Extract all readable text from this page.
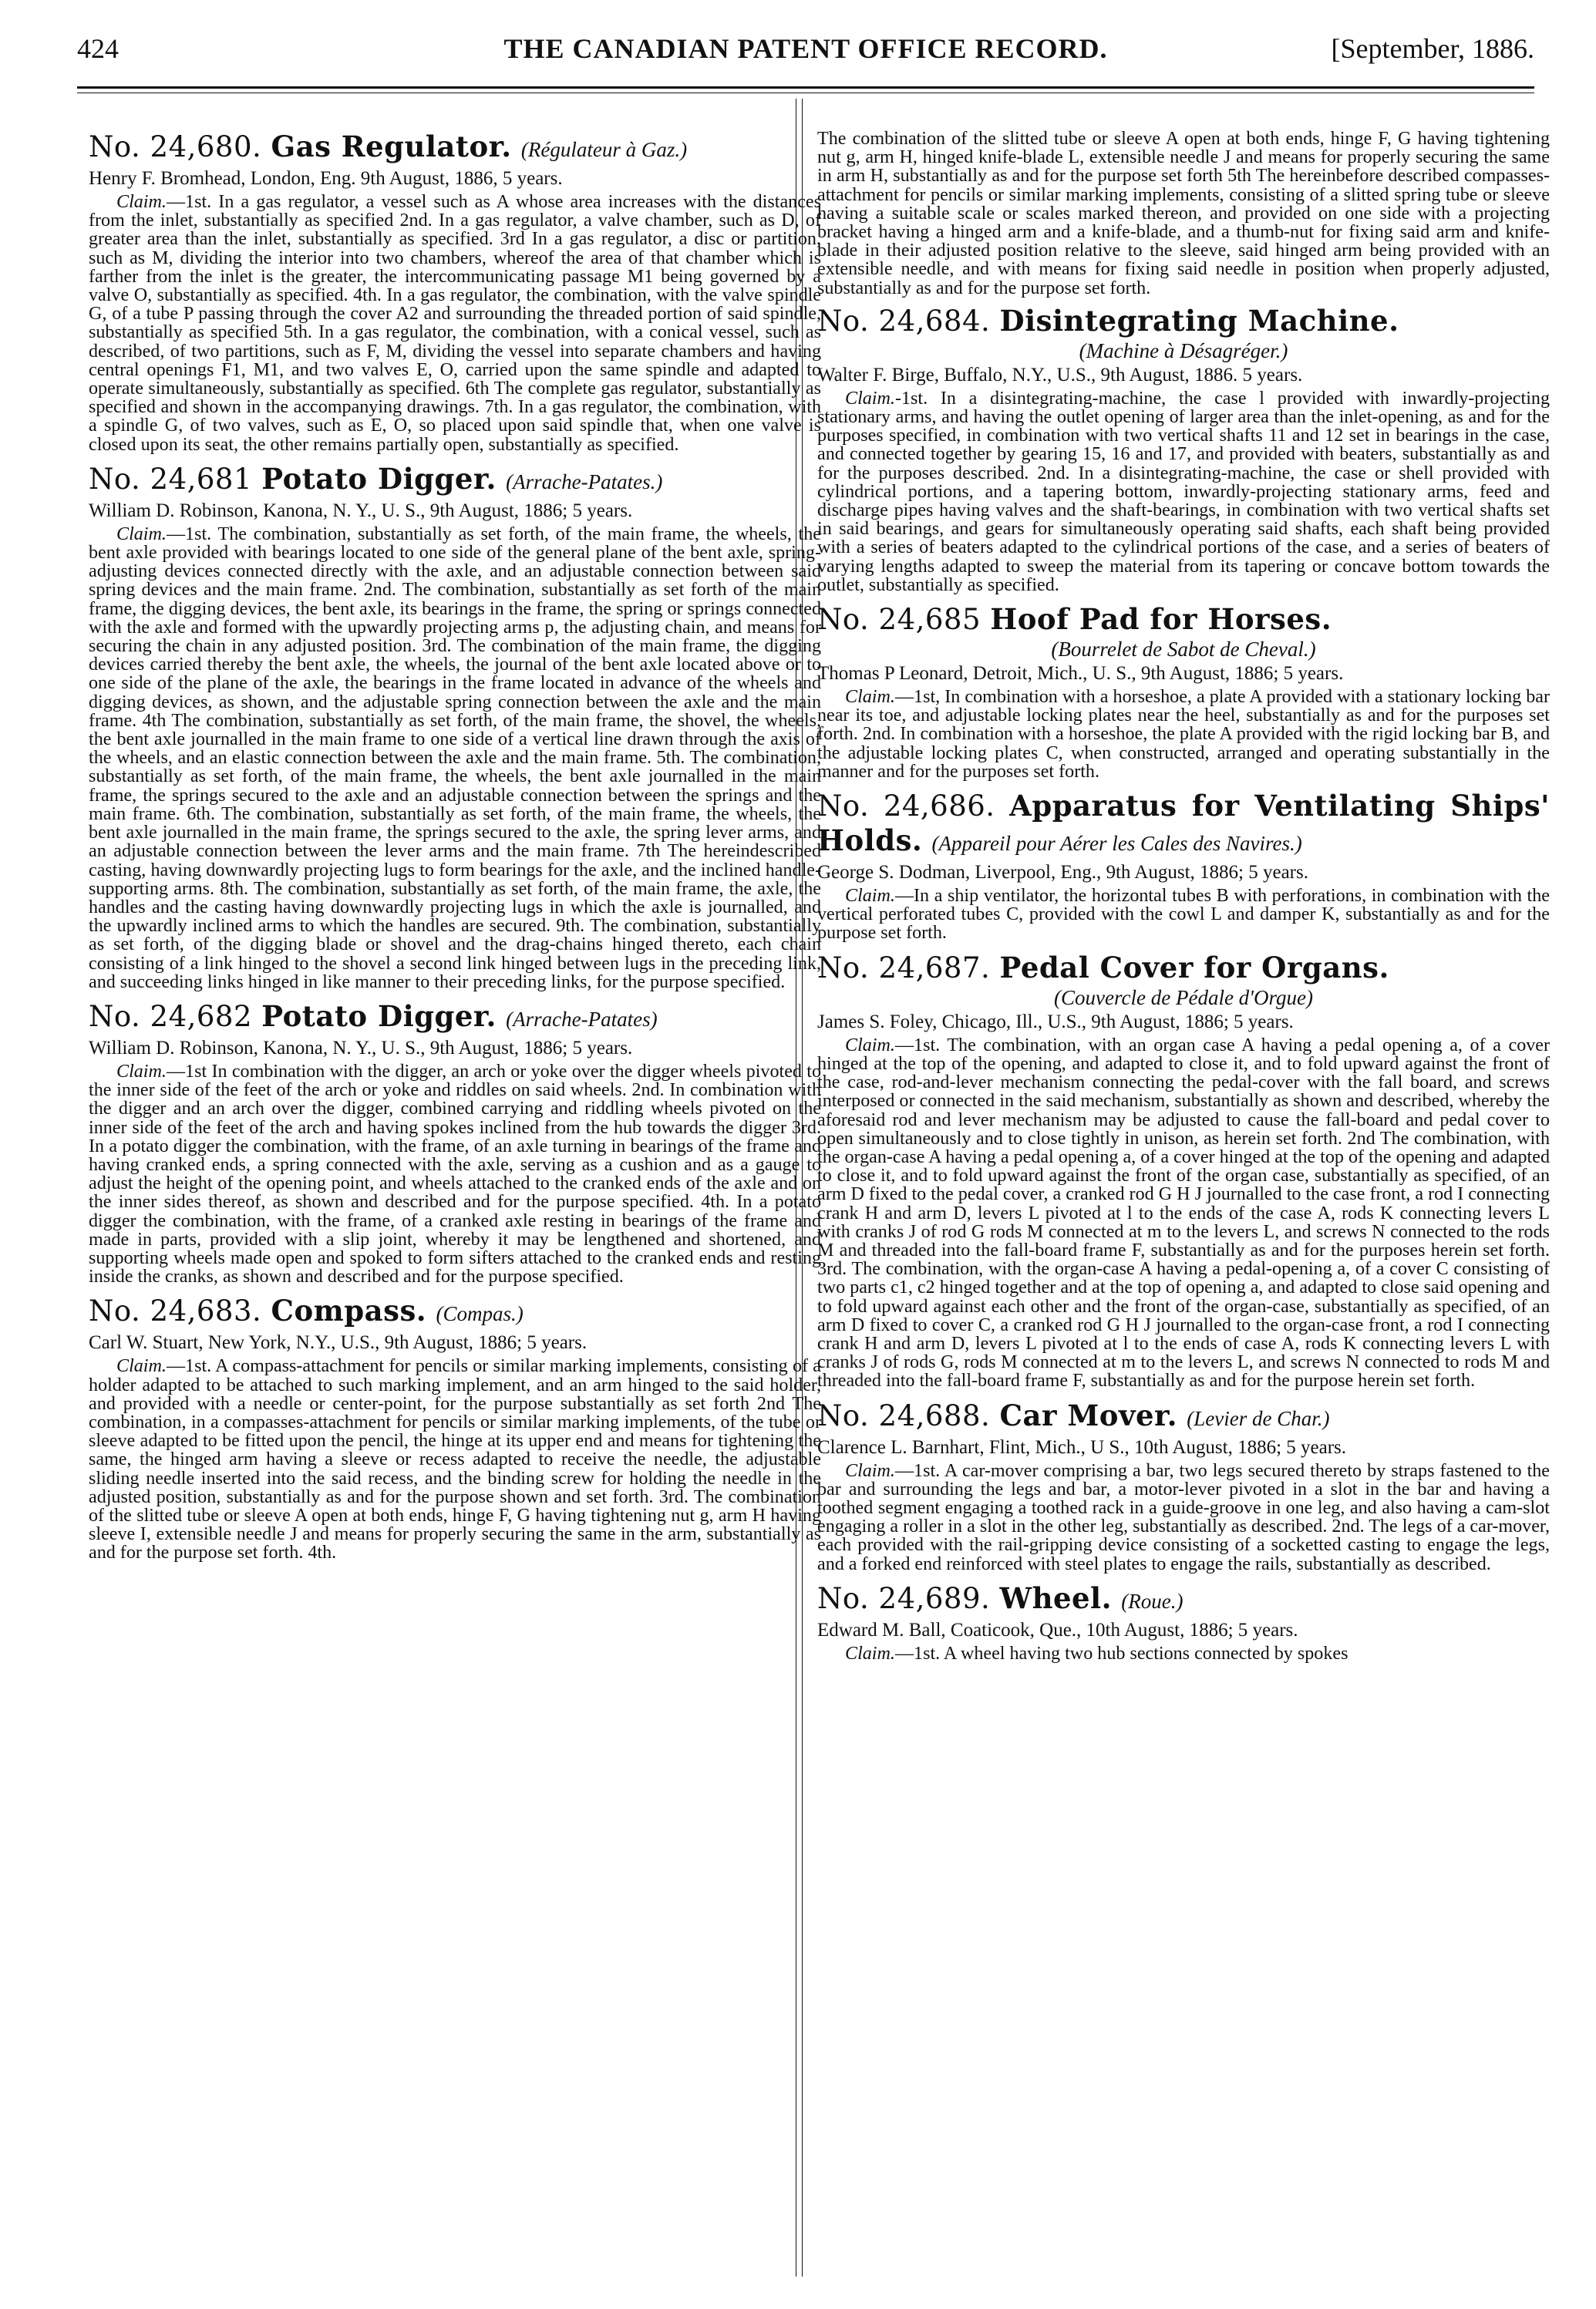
424	THE CANADIAN PATENT OFFICE RECORD.	[September, 1886.

No. 24,680. Gas Regulator. (Régulateur à Gaz.)

Henry F. Bromhead, London, Eng. 9th August, 1886, 5 years.

Claim.—1st. In a gas regulator, a vessel such as A whose area increases with the distances from the inlet, substantially as specified 2nd. In a gas regulator, a valve chamber, such as D, of greater area than the inlet, substantially as specified. 3rd In a gas regulator, a disc or partition, such as M, dividing the interior into two chambers, whereof the area of that chamber which is farther from the inlet is the greater, the intercommunicating passage M1 being governed by a valve O, substantially as specified. 4th. In a gas regulator, the combination, with the valve spindle G, of a tube P passing through the cover A2 and surrounding the threaded portion of said spindle, substantially as specified 5th. In a gas regulator, the combination, with a conical vessel, such as described, of two partitions, such as F, M, dividing the vessel into separate chambers and having central openings F1, M1, and two valves E, O, carried upon the same spindle and adapted to operate simultaneously, substantially as specified. 6th The complete gas regulator, substantially as specified and shown in the accompanying drawings. 7th. In a gas regulator, the combination, with a spindle G, of two valves, such as E, O, so placed upon said spindle that, when one valve is closed upon its seat, the other remains partially open, substantially as specified.

No. 24,681 Potato Digger. (Arrache-Patates.)

William D. Robinson, Kanona, N. Y., U. S., 9th August, 1886; 5 years.

Claim.—1st. The combination, substantially as set forth, of the main frame, the wheels, the bent axle provided with bearings located to one side of the general plane of the bent axle, spring-adjusting devices connected directly with the axle, and an adjustable connection between said spring devices and the main frame. 2nd. The combination, substantially as set forth of the main frame, the digging devices, the bent axle, its bearings in the frame, the spring or springs connected with the axle and formed with the upwardly projecting arms p, the adjusting chain, and means for securing the chain in any adjusted position. 3rd. The combination of the main frame, the digging devices carried thereby the bent axle, the wheels, the journal of the bent axle located above or to one side of the plane of the axle, the bearings in the frame located in advance of the wheels and digging devices, as shown, and the adjustable spring connection between the axle and the main frame. 4th The combination, substantially as set forth, of the main frame, the shovel, the wheels, the bent axle journalled in the main frame to one side of a vertical line drawn through the axis of the wheels, and an elastic connection between the axle and the main frame. 5th. The combination, substantially as set forth, of the main frame, the wheels, the bent axle journalled in the main frame, the springs secured to the axle and an adjustable connection between the springs and the main frame. 6th. The combination, substantially as set forth, of the main frame, the wheels, the bent axle journalled in the main frame, the springs secured to the axle, the spring lever arms, and an adjustable connection between the lever arms and the main frame. 7th The hereindescribed casting, having downwardly projecting lugs to form bearings for the axle, and the inclined handle-supporting arms. 8th. The combination, substantially as set forth, of the main frame, the axle, the handles and the casting having downwardly projecting lugs in which the axle is journalled, and the upwardly inclined arms to which the handles are secured. 9th. The combination, substantially as set forth, of the digging blade or shovel and the drag-chains hinged thereto, each chain consisting of a link hinged to the shovel a second link hinged between lugs in the preceding link, and succeeding links hinged in like manner to their preceding links, for the purpose specified.

No. 24,682 Potato Digger. (Arrache-Patates)

William D. Robinson, Kanona, N. Y., U. S., 9th August, 1886; 5 years.

Claim.—1st In combination with the digger, an arch or yoke over the digger wheels pivoted to the inner side of the feet of the arch or yoke and riddles on said wheels. 2nd. In combination with the digger and an arch over the digger, combined carrying and riddling wheels pivoted on the inner side of the feet of the arch and having spokes inclined from the hub towards the digger 3rd. In a potato digger the combination, with the frame, of an axle turning in bearings of the frame and having cranked ends, a spring connected with the axle, serving as a cushion and as a gauge to adjust the height of the opening point, and wheels attached to the cranked ends of the axle and on the inner sides thereof, as shown and described and for the purpose specified. 4th. In a potato digger the combination, with the frame, of a cranked axle resting in bearings of the frame and made in parts, provided with a slip joint, whereby it may be lengthened and shortened, and supporting wheels made open and spoked to form sifters attached to the cranked ends and resting inside the cranks, as shown and described and for the purpose specified.

No. 24,683. Compass. (Compas.)

Carl W. Stuart, New York, N.Y., U.S., 9th August, 1886; 5 years.

Claim.—1st. A compass-attachment for pencils or similar marking implements, consisting of a holder adapted to be attached to such marking implement, and an arm hinged to the said holder, and provided with a needle or center-point, for the purpose substantially as set forth 2nd The combination, in a compasses-attachment for pencils or similar marking implements, of the tube or sleeve adapted to be fitted upon the pencil, the hinge at its upper end and means for tightening the same, the hinged arm having a sleeve or recess adapted to receive the needle, the adjustable sliding needle inserted into the said recess, and the binding screw for holding the needle in the adjusted position, substantially as and for the purpose shown and set forth. 3rd. The combination of the slitted tube or sleeve A open at both ends, hinge F, G having tightening nut g, arm H having sleeve I, extensible needle J and means for properly securing the same in the arm, substantially as and for the purpose set forth. 4th.

The combination of the slitted tube or sleeve A open at both ends, hinge F, G having tightening nut g, arm H, hinged knife-blade L, extensible needle J and means for properly securing the same in arm H, substantially as and for the purpose set forth 5th The hereinbefore described compasses-attachment for pencils or similar marking implements, consisting of a slitted spring tube or sleeve having a suitable scale or scales marked thereon, and provided on one side with a projecting bracket having a hinged arm and a knife-blade, and a thumb-nut for fixing said arm and knife-blade in their adjusted position relative to the sleeve, said hinged arm being provided with an extensible needle, and with means for fixing said needle in position when properly adjusted, substantially as and for the purpose set forth.

No. 24,684. Disintegrating Machine.

(Machine à Désagréger.)

Walter F. Birge, Buffalo, N.Y., U.S., 9th August, 1886. 5 years.

Claim.-1st. In a disintegrating-machine, the case l provided with inwardly-projecting stationary arms, and having the outlet opening of larger area than the inlet-opening, as and for the purposes specified, in combination with two vertical shafts 11 and 12 set in bearings in the case, and connected together by gearing 15, 16 and 17, and provided with beaters, substantially as and for the purposes described. 2nd. In a disintegrating-machine, the case or shell provided with cylindrical portions, and a tapering bottom, inwardly-projecting stationary arms, feed and discharge pipes having valves and the shaft-bearings, in combination with two vertical shafts set in said bearings, and gears for simultaneously operating said shafts, each shaft being provided with a series of beaters adapted to the cylindrical portions of the case, and a series of beaters of varying lengths adapted to sweep the material from its tapering or concave bottom towards the outlet, substantially as specified.

No. 24,685 Hoof Pad for Horses.

(Bourrelet de Sabot de Cheval.)

Thomas P Leonard, Detroit, Mich., U. S., 9th August, 1886; 5 years.

Claim.—1st, In combination with a horseshoe, a plate A provided with a stationary locking bar near its toe, and adjustable locking plates near the heel, substantially as and for the purposes set forth. 2nd. In combination with a horseshoe, the plate A provided with the rigid locking bar B, and the adjustable locking plates C, when constructed, arranged and operating substantially in the manner and for the purposes set forth.

No. 24,686. Apparatus for Ventilating Ships' Holds. (Appareil pour Aérer les Cales des Navires.)

George S. Dodman, Liverpool, Eng., 9th August, 1886; 5 years.

Claim.—In a ship ventilator, the horizontal tubes B with perforations, in combination with the vertical perforated tubes C, provided with the cowl L and damper K, substantially as and for the purpose set forth.

No. 24,687. Pedal Cover for Organs.

(Couvercle de Pédale d'Orgue)

James S. Foley, Chicago, Ill., U.S., 9th August, 1886; 5 years.

Claim.—1st. The combination, with an organ case A having a pedal opening a, of a cover hinged at the top of the opening, and adapted to close it, and to fold upward against the front of the case, rod-and-lever mechanism connecting the pedal-cover with the fall board, and screws interposed or connected in the said mechanism, substantially as shown and described, whereby the aforesaid rod and lever mechanism may be adjusted to cause the fall-board and pedal cover to open simultaneously and to close tightly in unison, as herein set forth. 2nd The combination, with the organ-case A having a pedal opening a, of a cover hinged at the top of the opening and adapted to close it, and to fold upward against the front of the organ case, substantially as specified, of an arm D fixed to the pedal cover, a cranked rod G H J journalled to the case front, a rod I connecting crank H and arm D, levers L pivoted at l to the ends of the case A, rods K connecting levers L with cranks J of rod G rods M connected at m to the levers L, and screws N connected to the rods M and threaded into the fall-board frame F, substantially as and for the purposes herein set forth. 3rd. The combination, with the organ-case A having a pedal-opening a, of a cover C consisting of two parts c1, c2 hinged together and at the top of opening a, and adapted to close said opening and to fold upward against each other and the front of the organ-case, substantially as specified, of an arm D fixed to cover C, a cranked rod G H J journalled to the organ-case front, a rod I connecting crank H and arm D, levers L pivoted at l to the ends of case A, rods K connecting levers L with cranks J of rods G, rods M connected at m to the levers L, and screws N connected to rods M and threaded into the fall-board frame F, substantially as and for the purpose herein set forth.

No. 24,688. Car Mover. (Levier de Char.)

Clarence L. Barnhart, Flint, Mich., U S., 10th August, 1886; 5 years.

Claim.—1st. A car-mover comprising a bar, two legs secured thereto by straps fastened to the bar and surrounding the legs and bar, a motor-lever pivoted in a slot in the bar and having a toothed segment engaging a toothed rack in a guide-groove in one leg, and also having a cam-slot engaging a roller in a slot in the other leg, substantially as described. 2nd. The legs of a car-mover, each provided with the rail-gripping device consisting of a socketted casting to engage the legs, and a forked end reinforced with steel plates to engage the rails, substantially as described.

No. 24,689. Wheel. (Roue.)

Edward M. Ball, Coaticook, Que., 10th August, 1886; 5 years.

Claim.—1st. A wheel having two hub sections connected by spokes
